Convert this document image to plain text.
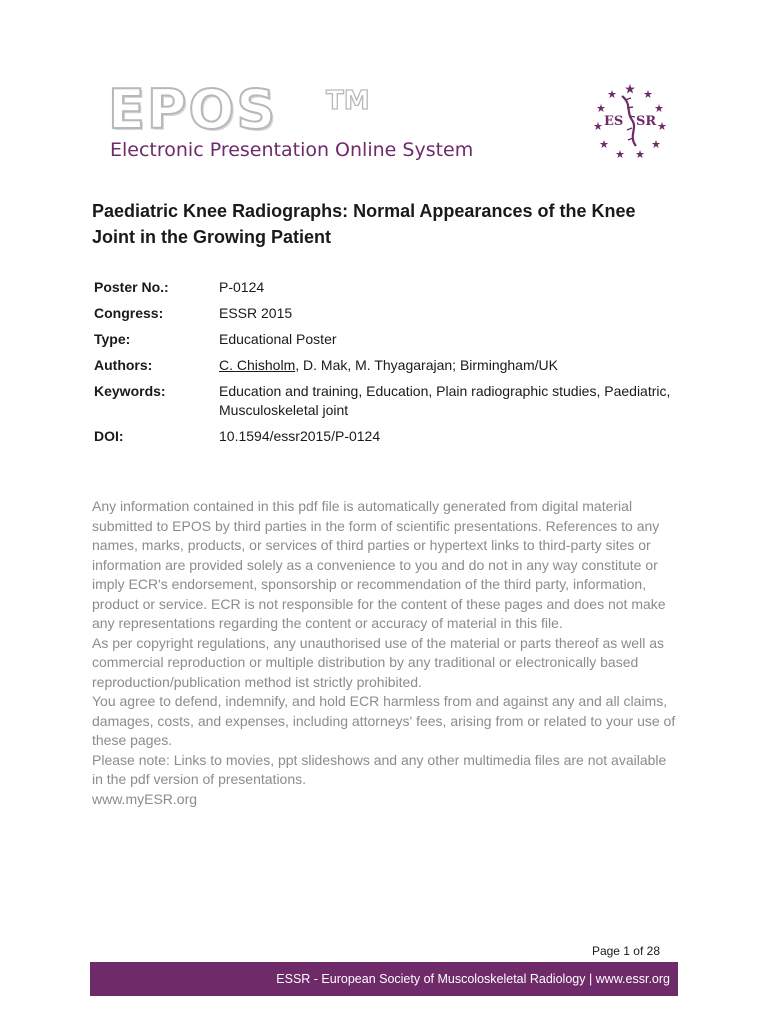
EPOS TM
Electronic Presentation Online System
ES SR
Paediatric Knee Radiographs: Normal Appearances of the Knee Joint in the Growing Patient
Poster No.:	P-0124
Congress:	ESSR 2015
Type:	Educational Poster
Authors:	C. Chisholm, D. Mak, M. Thyagarajan; Birmingham/UK
Keywords:	Education and training, Education, Plain radiographic studies, Paediatric, Musculoskeletal joint
DOI:	10.1594/essr2015/P-0124

Any information contained in this pdf file is automatically generated from digital material submitted to EPOS by third parties in the form of scientific presentations. References to any names, marks, products, or services of third parties or hypertext links to third-party sites or information are provided solely as a convenience to you and do not in any way constitute or imply ECR's endorsement, sponsorship or recommendation of the third party, information, product or service. ECR is not responsible for the content of these pages and does not make any representations regarding the content or accuracy of material in this file.

As per copyright regulations, any unauthorised use of the material or parts thereof as well as commercial reproduction or multiple distribution by any traditional or electronically based reproduction/publication method ist strictly prohibited.

You agree to defend, indemnify, and hold ECR harmless from and against any and all claims, damages, costs, and expenses, including attorneys' fees, arising from or related to your use of these pages.

Please note: Links to movies, ppt slideshows and any other multimedia files are not available in the pdf version of presentations.

www.myESR.org

Page 1 of 28
ESSR - European Society of Muscoloskeletal Radiology | www.essr.org
